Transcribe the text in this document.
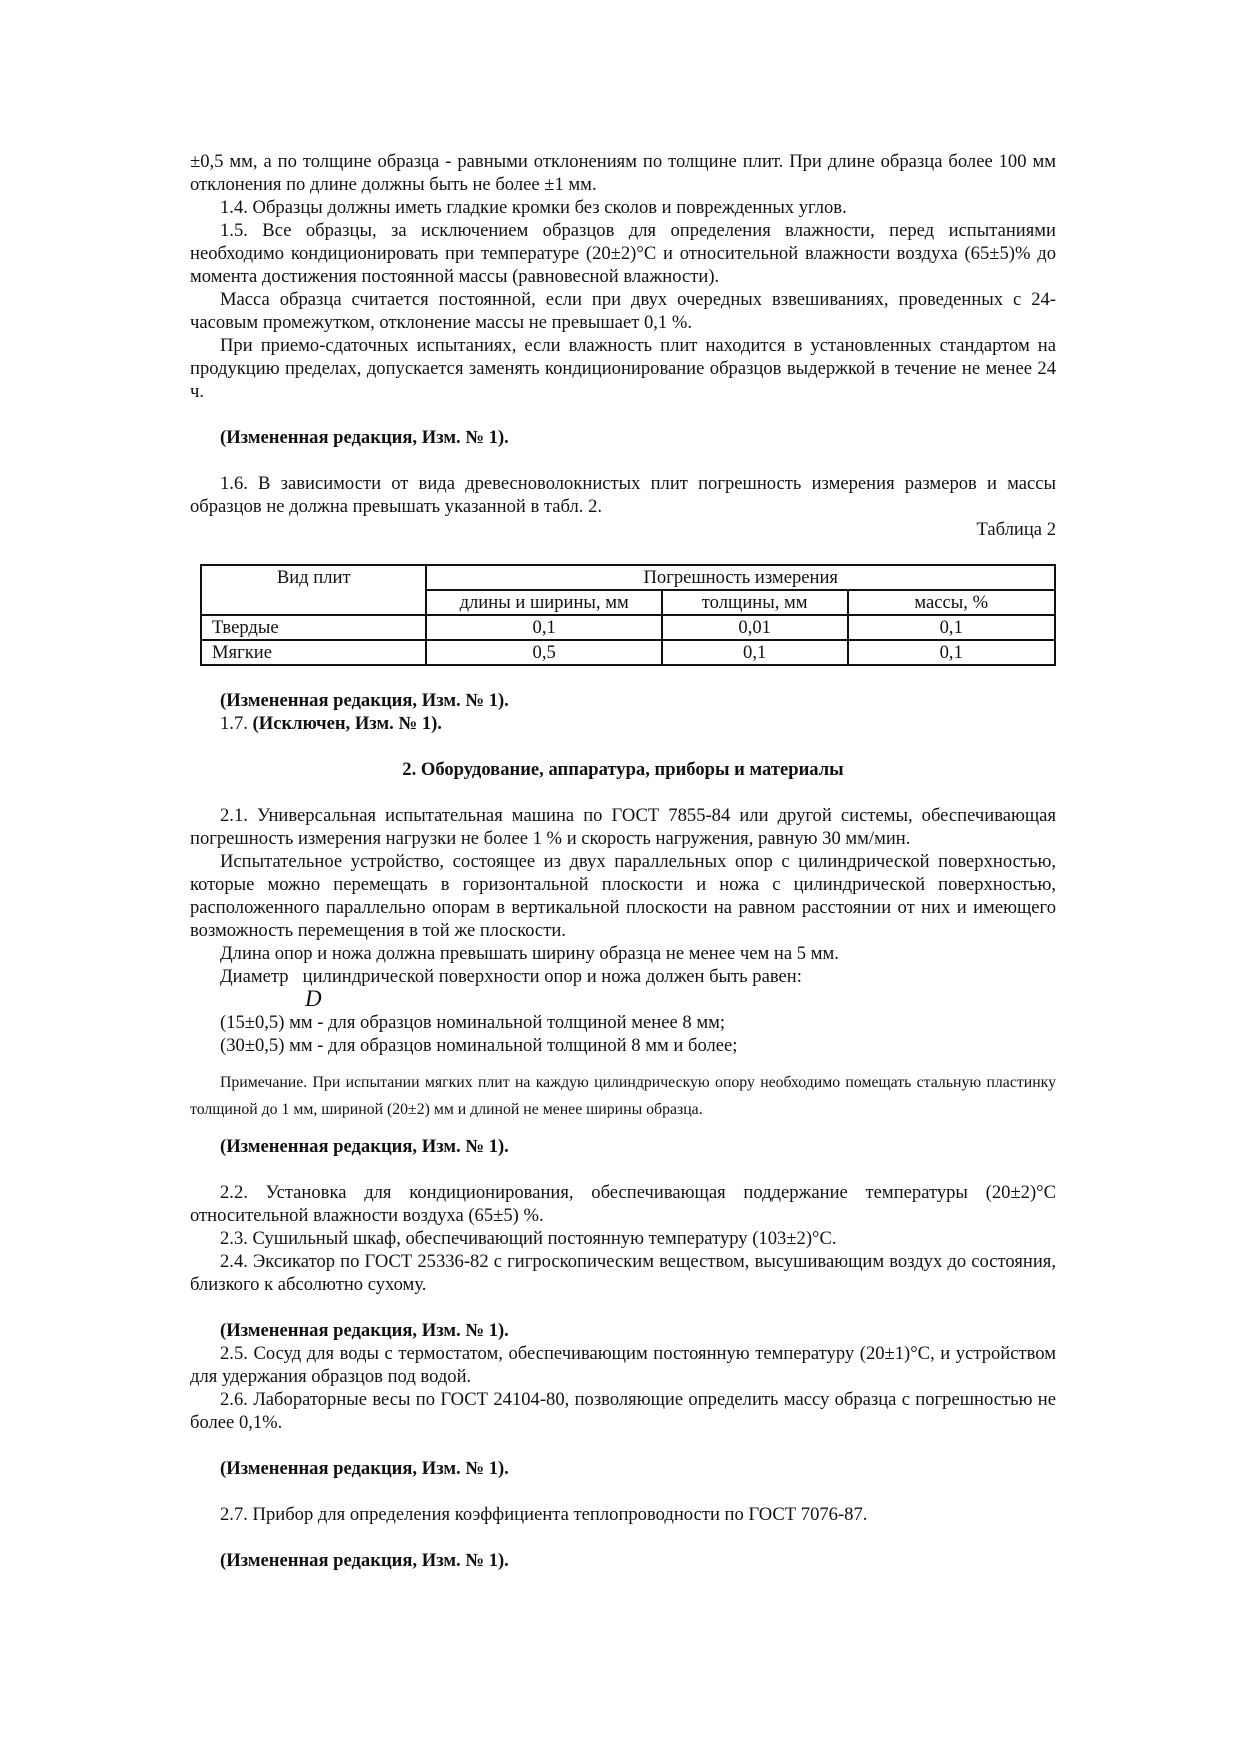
±0,5 мм, а по толщине образца - равными отклонениям по толщине плит. При длине образца более 100 мм отклонения по длине должны быть не более ±1 мм.

1.4. Образцы должны иметь гладкие кромки без сколов и поврежденных углов.

1.5. Все образцы, за исключением образцов для определения влажности, перед испытаниями необходимо кондиционировать при температуре (20±2)°С и относительной влажности воздуха (65±5)% до момента достижения постоянной массы (равновесной влажности).

Масса образца считается постоянной, если при двух очередных взвешиваниях, проведенных с 24-часовым промежутком, отклонение массы не превышает 0,1 %.

При приемо-сдаточных испытаниях, если влажность плит находится в установленных стандартом на продукцию пределах, допускается заменять кондиционирование образцов выдержкой в течение не менее 24 ч.

(Измененная редакция, Изм. № 1).

1.6. В зависимости от вида древесноволокнистых плит погрешность измерения размеров и массы образцов не должна превышать указанной в табл. 2.

Таблица 2

Вид плит	Погрешность измерения		
	длины и ширины, мм	толщины, мм	массы, %
Твердые	0,1	0,01	0,1
Мягкие	0,5	0,1	0,1

(Измененная редакция, Изм. № 1).

1.7. (Исключен, Изм. № 1).

2. Оборудование, аппаратура, приборы и материалы

2.1. Универсальная испытательная машина по ГОСТ 7855-84 или другой системы, обеспечивающая погрешность измерения нагрузки не более 1 % и скорость нагружения, равную 30 мм/мин.

Испытательное устройство, состоящее из двух параллельных опор с цилиндрической поверхностью, которые можно перемещать в горизонтальной плоскости и ножа с цилиндрической поверхностью, расположенного параллельно опорам в вертикальной плоскости на равном расстоянии от них и имеющего возможность перемещения в той же плоскости.

Длина опор и ножа должна превышать ширину образца не менее чем на 5 мм.

Диаметр
D
цилиндрической поверхности опор и ножа должен быть равен:

(15±0,5) мм - для образцов номинальной толщиной менее 8 мм;

(30±0,5) мм - для образцов номинальной толщиной 8 мм и более;

Примечание. При испытании мягких плит на каждую цилиндрическую опору необходимо помещать стальную пластинку толщиной до 1 мм, шириной (20±2) мм и длиной не менее ширины образца.

(Измененная редакция, Изм. № 1).

2.2. Установка для кондиционирования, обеспечивающая поддержание температуры (20±2)°С относительной влажности воздуха (65±5) %.

2.3. Сушильный шкаф, обеспечивающий постоянную температуру (103±2)°С.

2.4. Эксикатор по ГОСТ 25336-82 с гигроскопическим веществом, высушивающим воздух до состояния, близкого к абсолютно сухому.

(Измененная редакция, Изм. № 1).

2.5. Сосуд для воды с термостатом, обеспечивающим постоянную температуру (20±1)°С, и устройством для удержания образцов под водой.

2.6. Лабораторные весы по ГОСТ 24104-80, позволяющие определить массу образца с погрешностью не более 0,1%.

(Измененная редакция, Изм. № 1).

2.7. Прибор для определения коэффициента теплопроводности по ГОСТ 7076-87.

(Измененная редакция, Изм. № 1).
